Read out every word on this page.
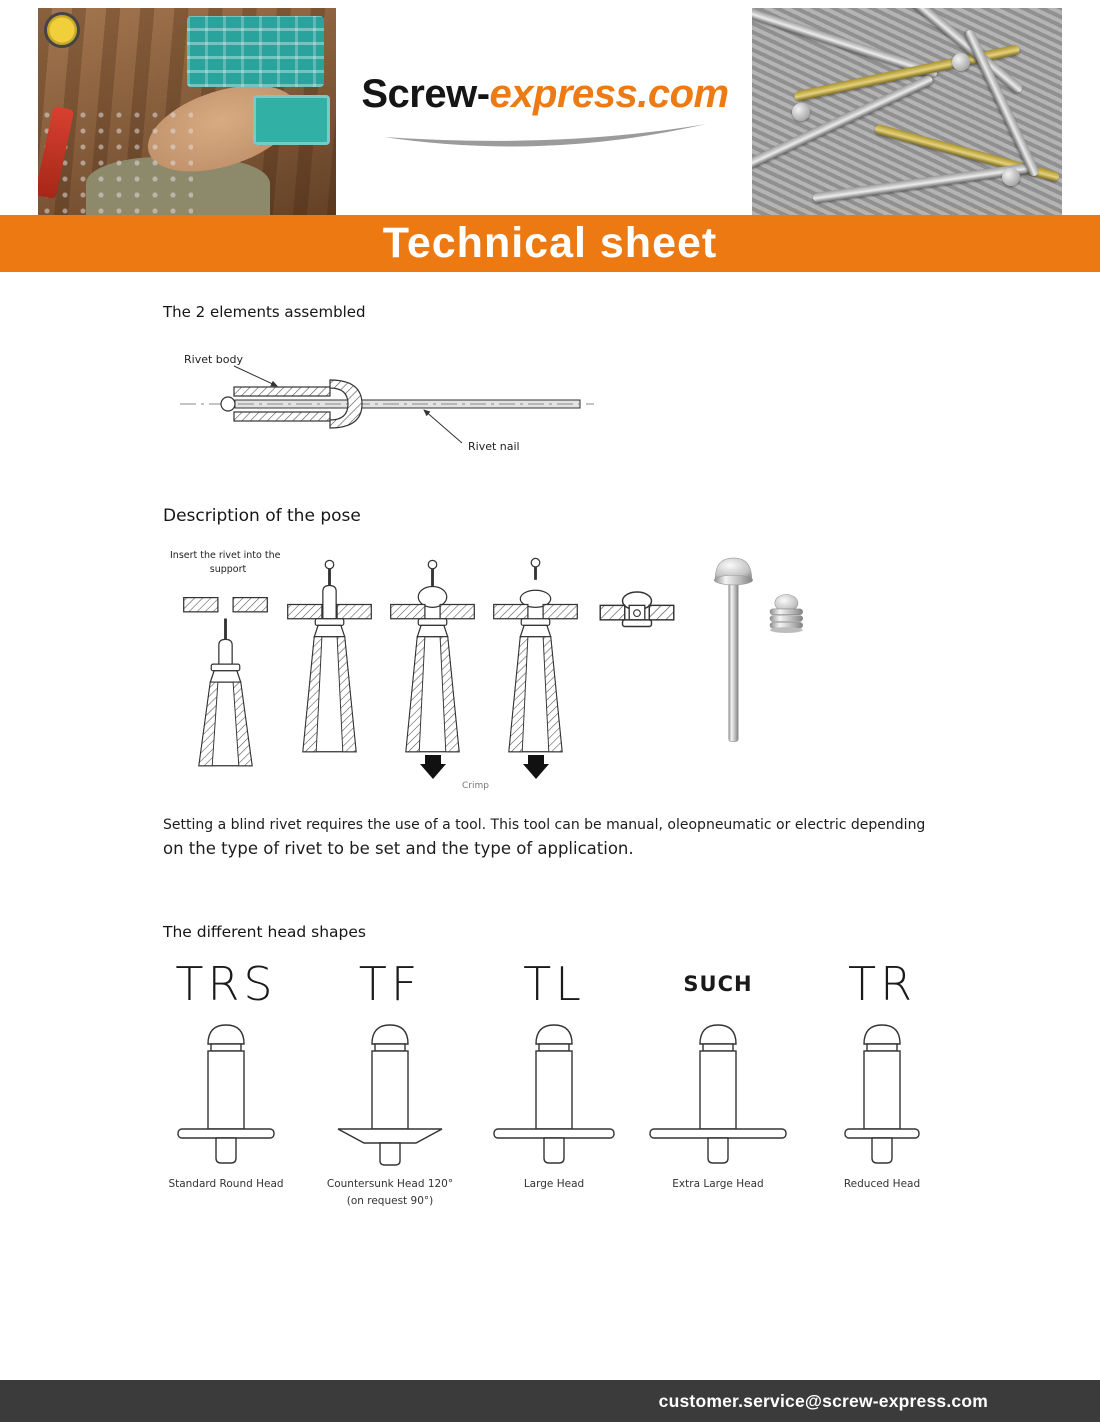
Screw-express.com
Technical sheet
The 2 elements assembled
Rivet body
Rivet nail
Description of the pose
Insert the rivet into the
support
Crimp
Setting a blind rivet requires the use of a tool. This tool can be manual, oleopneumatic or electric depending
on the type of rivet to be set and the type of application.
The different head shapes
TRS
Standard Round Head
TF
Countersunk Head 120° (on request 90°)
TL
Large Head
SUCH
Extra Large Head
TR
Reduced Head
customer.service@screw-express.com
